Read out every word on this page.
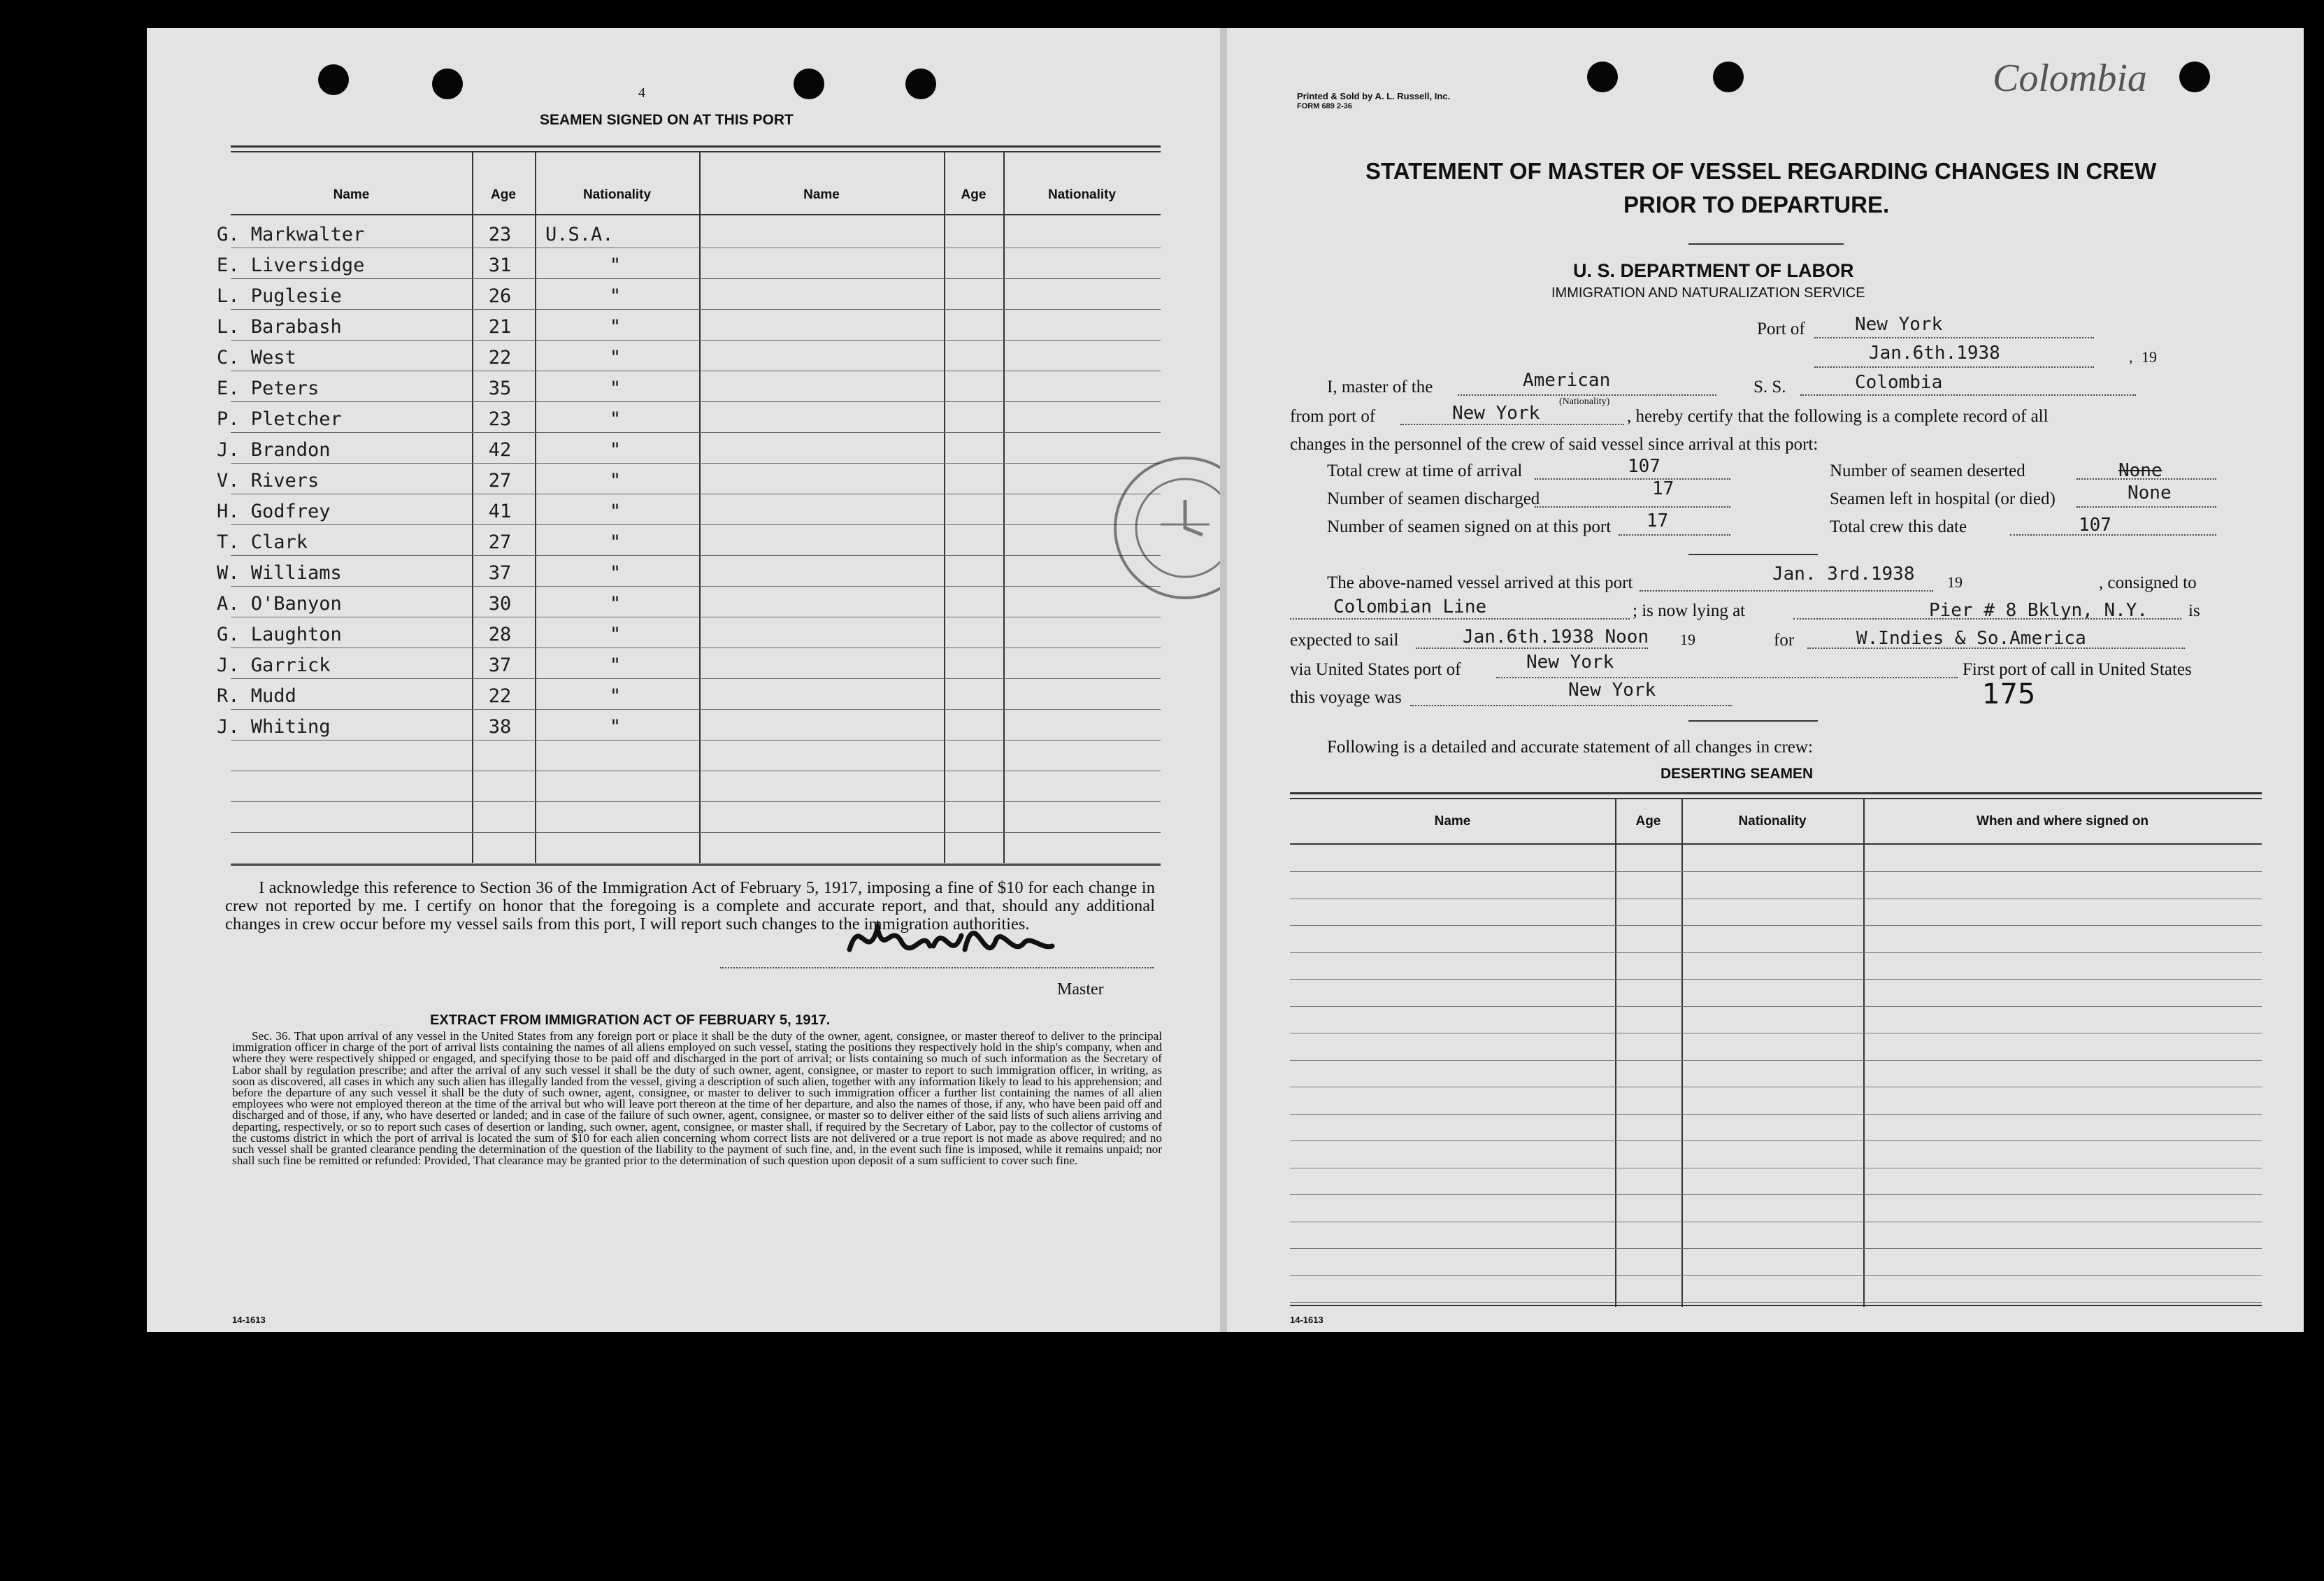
4
SEAMEN SIGNED ON AT THIS PORT
Name	Age	Nationality	Name	Age	Nationality
G. Markwalter	23	U.S.A.
E. Liversidge	31	"
L. Puglesie	26	"
L. Barabash	21	"
C. West	22	"
E. Peters	35	"
P. Pletcher	23	"
J. Brandon	42	"
V. Rivers	27	"
H. Godfrey	41	"
T. Clark	27	"
W. Williams	37	"
A. O'Banyon	30	"
G. Laughton	28	"
J. Garrick	37	"
R. Mudd	22	"
J. Whiting	38	"
I acknowledge this reference to Section 36 of the Immigration Act of February 5, 1917, imposing a fine of $10 for each change in crew not reported by me. I certify on honor that the foregoing is a complete and accurate report, and that, should any additional changes in crew occur before my vessel sails from this port, I will report such changes to the immigration authorities.
Master
EXTRACT FROM IMMIGRATION ACT OF FEBRUARY 5, 1917.
Sec. 36. That upon arrival of any vessel in the United States from any foreign port or place it shall be the duty of the owner, agent, consignee, or master thereof to deliver to the principal immigration officer in charge of the port of arrival lists containing the names of all aliens employed on such vessel, stating the positions they respectively hold in the ship's company, when and where they were respectively shipped or engaged, and specifying those to be paid off and discharged in the port of arrival; or lists containing so much of such information as the Secretary of Labor shall by regulation prescribe; and after the arrival of any such vessel it shall be the duty of such owner, agent, consignee, or master to report to such immigration officer, in writing, as soon as discovered, all cases in which any such alien has illegally landed from the vessel, giving a description of such alien, together with any information likely to lead to his apprehension; and before the departure of any such vessel it shall be the duty of such owner, agent, consignee, or master to deliver to such immigration officer a further list containing the names of all alien employees who were not employed thereon at the time of the arrival but who will leave port thereon at the time of her departure, and also the names of those, if any, who have been paid off and discharged and of those, if any, who have deserted or landed; and in case of the failure of such owner, agent, consignee, or master so to deliver either of the said lists of such aliens arriving and departing, respectively, or so to report such cases of desertion or landing, such owner, agent, consignee, or master shall, if required by the Secretary of Labor, pay to the collector of customs of the customs district in which the port of arrival is located the sum of $10 for each alien concerning whom correct lists are not delivered or a true report is not made as above required; and no such vessel shall be granted clearance pending the determination of the question of the liability to the payment of such fine, and, in the event such fine is imposed, while it remains unpaid; nor shall such fine be remitted or refunded: Provided, That clearance may be granted prior to the determination of such question upon deposit of a sum sufficient to cover such fine.
14-1613
Printed & Sold by A. L. Russell, Inc.
FORM 689 2-36
Colombia
STATEMENT OF MASTER OF VESSEL REGARDING CHANGES IN CREW
PRIOR TO DEPARTURE.
U. S. DEPARTMENT OF LABOR
IMMIGRATION AND NATURALIZATION SERVICE
Port of	New York
Jan.6th.1938	19
,
I, master of the	American	S. S.	Colombia
from port of	New York
(Nationality)
, hereby certify that the following is a complete record of all
changes in the personnel of the crew of said vessel since arrival at this port:
Total crew at time of arrival	107	Number of seamen deserted	None
Number of seamen discharged	17	Seamen left in hospital (or died)	None
Number of seamen signed on at this port 17	Total crew this date	107
The above-named vessel arrived at this port	Jan. 3rd.1938 19	, consigned to
Colombian Line	; is now lying at	Pier # 8 Bklyn, N.Y. is
expected to sail	Jan.6th.1938 Noon 19	for	W.Indies & So.America
via United States port of	New York	First port of call in United States
this voyage was	New York	175
Following is a detailed and accurate statement of all changes in crew:
DESERTING SEAMEN
Name	Age	Nationality	When and where signed on
14-1613
